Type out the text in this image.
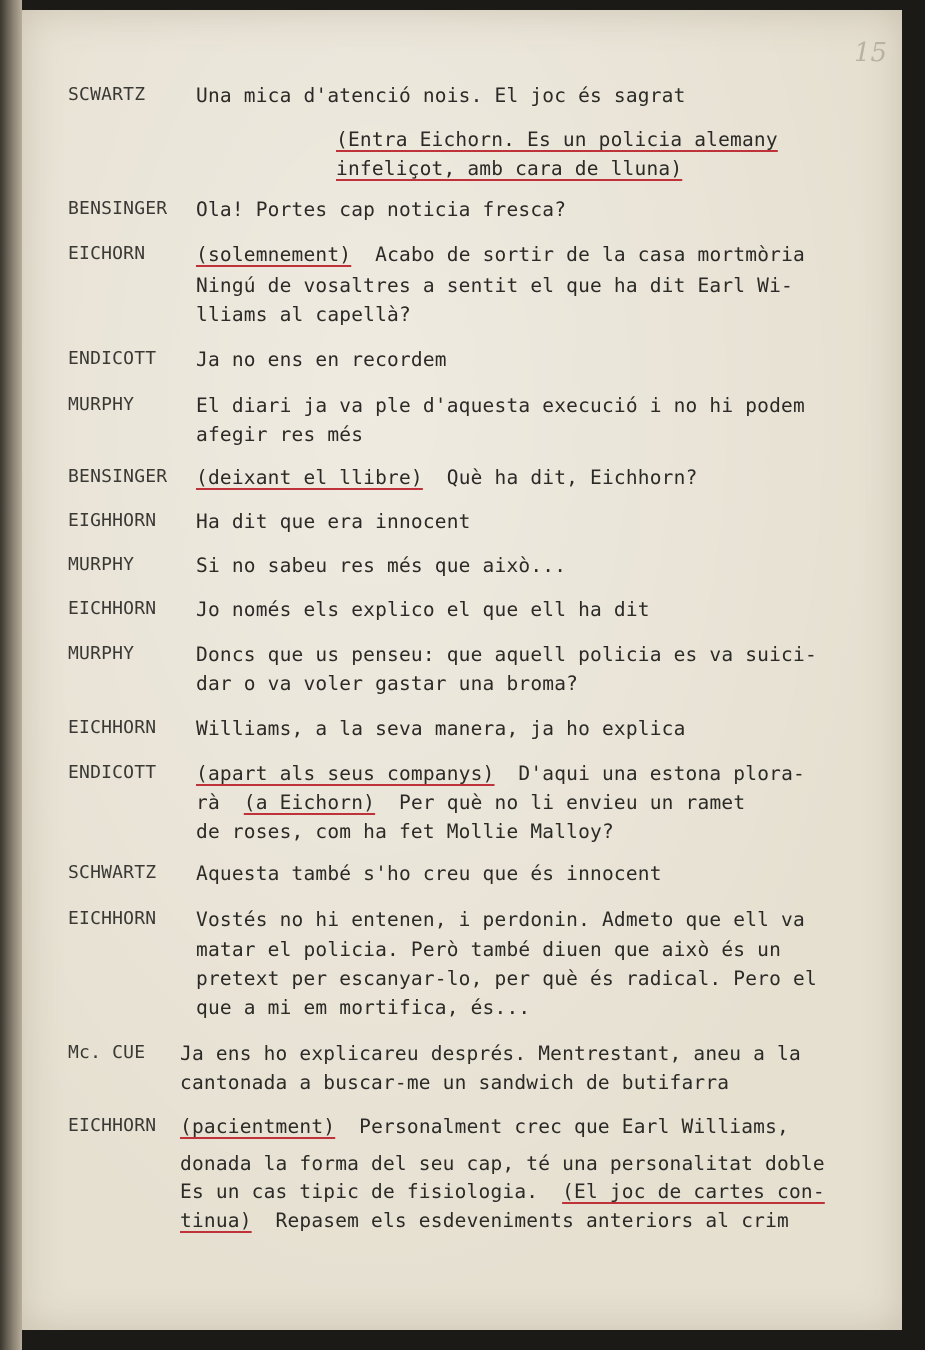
15
SCWARTZ	Una mica d'atenció nois. El joc és sagrat
(Entra Eichorn. Es un policia alemany
infeliçot, amb cara de lluna)
BENSINGER Ola! Portes cap noticia fresca?
EICHORN	(solemnement) Acabo de sortir de la casa mortmòria
Ningú de vosaltres a sentit el que ha dit Earl Wi-
lliams al capellà?
ENDICOTT Ja no ens en recordem
MURPHY	El diari ja va ple d'aquesta execució i no hi podem
afegir res més
BENSINGER (deixant el llibre) Què ha dit, Eichhorn?
EIGHHORN Ha dit que era innocent
MURPHY	Si no sabeu res més que això...
EICHHORN Jo només els explico el que ell ha dit
MURPHY	Doncs que us penseu: que aquell policia es va suici-
dar o va voler gastar una broma?
EICHHORN Williams, a la seva manera, ja ho explica
ENDICOTT (apart als seus companys) D'aqui una estona plora-
rà  (a Eichorn) Per què no li envieu un ramet
de roses, com ha fet Mollie Malloy?
SCHWARTZ Aquesta també s'ho creu que és innocent
EICHHORN Vostés no hi entenen, i perdonin. Admeto que ell va
matar el policia. Però també diuen que això és un
pretext per escanyar-lo, per què és radical. Pero el
que a mi em mortifica, és...
Mc. CUE Ja ens ho explicareu després. Mentrestant, aneu a la
cantonada a buscar-me un sandwich de butifarra
EICHHORN (pacientment) Personalment crec que Earl Williams,
donada la forma del seu cap, té una personalitat doble
Es un cas tipic de fisiologia. (El joc de cartes con-
tinua) Repasem els esdeveniments anteriors al crim
